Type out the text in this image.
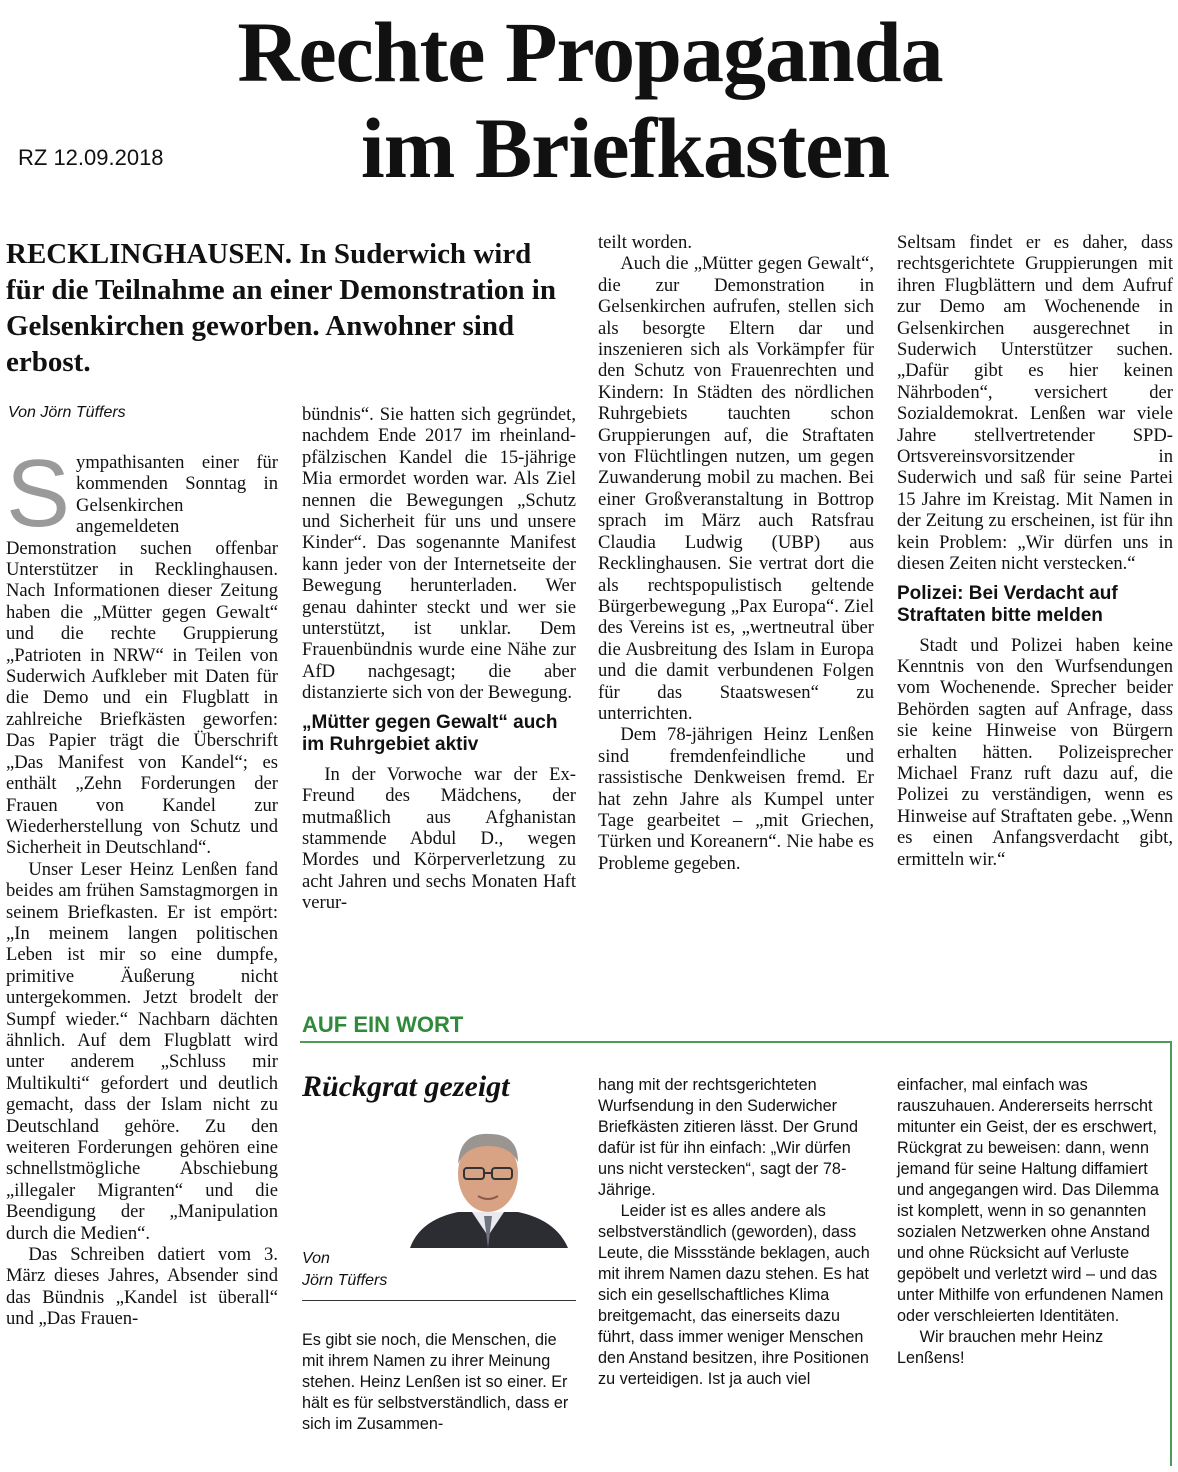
Rechte Propaganda
im Briefkasten
RZ 12.09.2018
RECKLINGHAUSEN. In Suderwich wird für die Teilnahme an einer Demonstration in Gelsenkirchen geworben. Anwohner sind erbost.
Von Jörn Tüffers

Sympathisanten einer für kommenden Sonntag in Gelsenkirchen angemeldeten Demonstration suchen offenbar Unterstützer in Recklinghausen. Nach Informationen dieser Zeitung haben die „Mütter gegen Gewalt“ und die rechte Gruppierung „Patrioten in NRW“ in Teilen von Suderwich Aufkleber mit Daten für die Demo und ein Flugblatt in zahlreiche Briefkästen geworfen: Das Papier trägt die Überschrift „Das Manifest von Kandel“; es enthält „Zehn Forderungen der Frauen von Kandel zur Wiederherstellung von Schutz und Sicherheit in Deutschland“.

Unser Leser Heinz Lenßen fand beides am frühen Samstagmorgen in seinem Briefkasten. Er ist empört: „In meinem langen politischen Leben ist mir so eine dumpfe, primitive Äußerung nicht untergekommen. Jetzt brodelt der Sumpf wieder.“ Nachbarn dächten ähnlich. Auf dem Flugblatt wird unter anderem „Schluss mir Multikulti“ gefordert und deutlich gemacht, dass der Islam nicht zu Deutschland gehöre. Zu den weiteren Forderungen gehören eine schnellstmögliche Abschiebung „illegaler Migranten“ und die Beendigung der „Manipulation durch die Medien“.

Das Schreiben datiert vom 3. März dieses Jahres, Absender sind das Bündnis „Kandel ist überall“ und „Das Frauen-

bündnis“. Sie hatten sich gegründet, nachdem Ende 2017 im rheinland-pfälzischen Kandel die 15-jährige Mia ermordet worden war. Als Ziel nennen die Bewegungen „Schutz und Sicherheit für uns und unsere Kinder“. Das sogenannte Manifest kann jeder von der Internetseite der Bewegung herunterladen. Wer genau dahinter steckt und wer sie unterstützt, ist unklar. Dem Frauenbündnis wurde eine Nähe zur AfD nachgesagt; die aber distanzierte sich von der Bewegung.

„Mütter gegen Gewalt“ auch im Ruhrgebiet aktiv

In der Vorwoche war der Ex-Freund des Mädchens, der mutmaßlich aus Afghanistan stammende Abdul D., wegen Mordes und Körperverletzung zu acht Jahren und sechs Monaten Haft verur-

teilt worden.

Auch die „Mütter gegen Gewalt“, die zur Demonstration in Gelsenkirchen aufrufen, stellen sich als besorgte Eltern dar und inszenieren sich als Vorkämpfer für den Schutz von Frauenrechten und Kindern: In Städten des nördlichen Ruhrgebiets tauchten schon Gruppierungen auf, die Straftaten von Flüchtlingen nutzen, um gegen Zuwanderung mobil zu machen. Bei einer Großveranstaltung in Bottrop sprach im März auch Ratsfrau Claudia Ludwig (UBP) aus Recklinghausen. Sie vertrat dort die als rechtspopulistisch geltende Bürgerbewegung „Pax Europa“. Ziel des Vereins ist es, „wertneutral über die Ausbreitung des Islam in Europa und die damit verbundenen Folgen für das Staatswesen“ zu unterrichten.

Dem 78-jährigen Heinz Lenßen sind fremdenfeindliche und rassistische Denkweisen fremd. Er hat zehn Jahre als Kumpel unter Tage gearbeitet – „mit Griechen, Türken und Koreanern“. Nie habe es Probleme gegeben.

Seltsam findet er es daher, dass rechtsgerichtete Gruppierungen mit ihren Flugblättern und dem Aufruf zur Demo am Wochenende in Gelsenkirchen ausgerechnet in Suderwich Unterstützer suchen. „Dafür gibt es hier keinen Nährboden“, versichert der Sozialdemokrat. Lenßen war viele Jahre stellvertretender SPD-Ortsvereinsvorsitzender in Suderwich und saß für seine Partei 15 Jahre im Kreistag. Mit Namen in der Zeitung zu erscheinen, ist für ihn kein Problem: „Wir dürfen uns in diesen Zeiten nicht verstecken.“

Polizei: Bei Verdacht auf Straftaten bitte melden

Stadt und Polizei haben keine Kenntnis von den Wurfsendungen vom Wochenende. Sprecher beider Behörden sagten auf Anfrage, dass sie keine Hinweise von Bürgern erhalten hätten. Polizeisprecher Michael Franz ruft dazu auf, die Polizei zu verständigen, wenn es Hinweise auf Straftaten gebe. „Wenn es einen Anfangsverdacht gibt, ermitteln wir.“

AUF EIN WORT
Rückgrat gezeigt
Von
Jörn Tüffers

Es gibt sie noch, die Menschen, die mit ihrem Namen zu ihrer Meinung stehen. Heinz Lenßen ist so einer. Er hält es für selbstverständlich, dass er sich im Zusammen-

hang mit der rechtsgerichteten Wurfsendung in den Suderwicher Briefkästen zitieren lässt. Der Grund dafür ist für ihn einfach: „Wir dürfen uns nicht verstecken“, sagt der 78-Jährige.

Leider ist es alles andere als selbstverständlich (geworden), dass Leute, die Missstände beklagen, auch mit ihrem Namen dazu stehen. Es hat sich ein gesellschaftliches Klima breitgemacht, das einerseits dazu führt, dass immer weniger Menschen den Anstand besitzen, ihre Positionen zu verteidigen. Ist ja auch viel

einfacher, mal einfach was rauszuhauen. Andererseits herrscht mitunter ein Geist, der es erschwert, Rückgrat zu beweisen: dann, wenn jemand für seine Haltung diffamiert und angegangen wird. Das Dilemma ist komplett, wenn in so genannten sozialen Netzwerken ohne Anstand und ohne Rücksicht auf Verluste gepöbelt und verletzt wird – und das unter Mithilfe von erfundenen Namen oder verschleierten Identitäten.

Wir brauchen mehr Heinz Lenßens!
